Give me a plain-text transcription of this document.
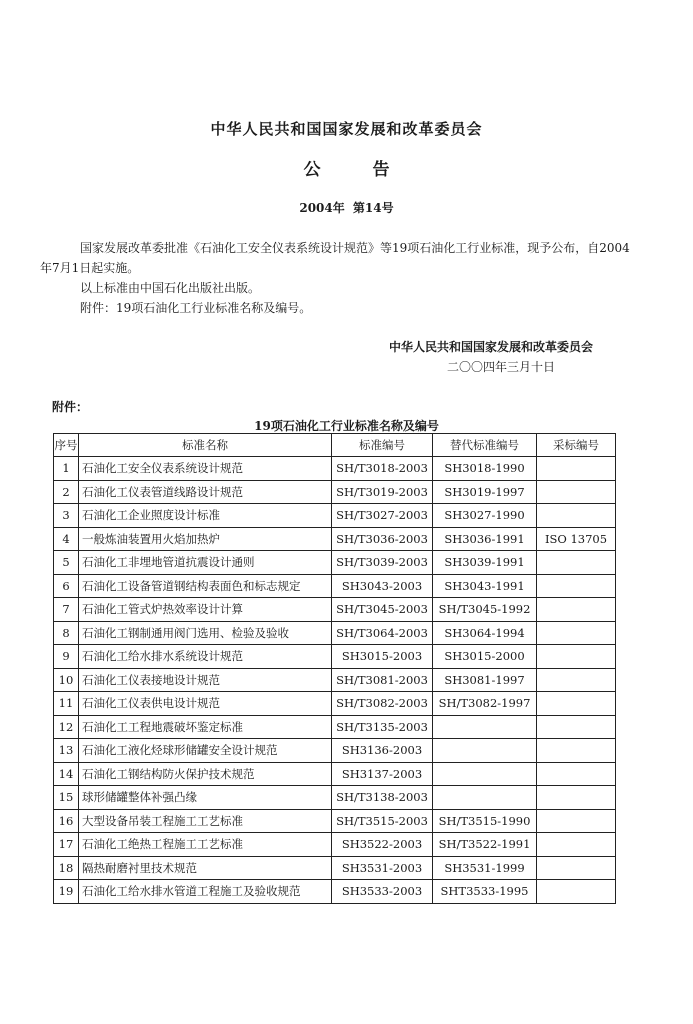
中华人民共和国国家发展和改革委员会
公告
2004年 第14号
国家发展改革委批准《石油化工安全仪表系统设计规范》等19项石油化工行业标准，现予公布，自2004年7月1日起实施。
以上标准由中国石化出版社出版。
附件：19项石油化工行业标准名称及编号。
中华人民共和国国家发展和改革委员会
二〇〇四年三月十日
附件：
19项石油化工行业标准名称及编号
序号	标准名称	标准编号	替代标准编号	采标编号
1	石油化工安全仪表系统设计规范	SH/T3018-2003	SH3018-1990	
2	石油化工仪表管道线路设计规范	SH/T3019-2003	SH3019-1997	
3	石油化工企业照度设计标准	SH/T3027-2003	SH3027-1990	
4	一般炼油装置用火焰加热炉	SH/T3036-2003	SH3036-1991	ISO 13705
5	石油化工非埋地管道抗震设计通则	SH/T3039-2003	SH3039-1991	
6	石油化工设备管道钢结构表面色和标志规定	SH3043-2003	SH3043-1991	
7	石油化工管式炉热效率设计计算	SH/T3045-2003	SH/T3045-1992	
8	石油化工钢制通用阀门选用、检验及验收	SH/T3064-2003	SH3064-1994	
9	石油化工给水排水系统设计规范	SH3015-2003	SH3015-2000	
10	石油化工仪表接地设计规范	SH/T3081-2003	SH3081-1997	
11	石油化工仪表供电设计规范	SH/T3082-2003	SH/T3082-1997	
12	石油化工工程地震破坏鉴定标准	SH/T3135-2003		
13	石油化工液化烃球形储罐安全设计规范	SH3136-2003		
14	石油化工钢结构防火保护技术规范	SH3137-2003		
15	球形储罐整体补强凸缘	SH/T3138-2003		
16	大型设备吊装工程施工工艺标准	SH/T3515-2003	SH/T3515-1990	
17	石油化工绝热工程施工工艺标准	SH3522-2003	SH/T3522-1991	
18	隔热耐磨衬里技术规范	SH3531-2003	SH3531-1999	
19	石油化工给水排水管道工程施工及验收规范	SH3533-2003	SHT3533-1995	
